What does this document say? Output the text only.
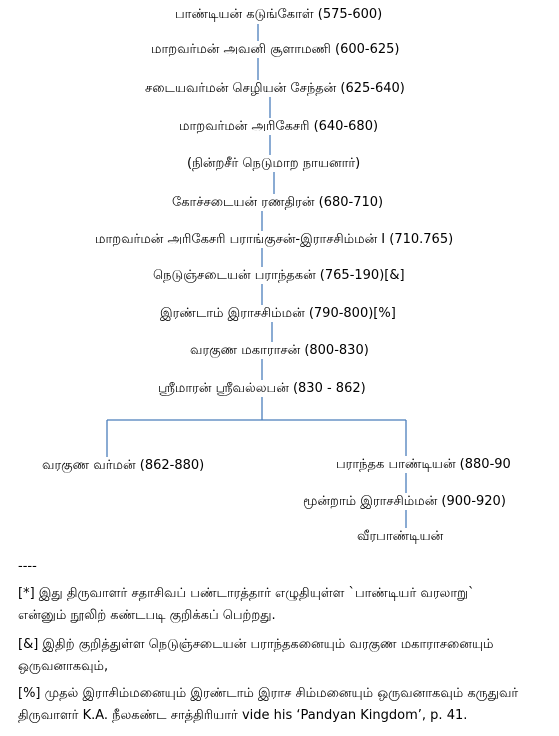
பாண்டியன் கடுங்கோள் (575-600)
மாறவர்மன் அவனி சூளாமணி (600-625)
சடையவர்மன் செழியன் சேந்தன் (625-640)
மாறவர்மன் அரிகேசரி (640-680)
(நின்றசீர் நெடுமாற நாயனார்)
கோச்சடையன் ரணதிரன் (680-710)
மாறவர்மன் அரிகேசரி பராங்குசன்-இராசசிம்மன் I (710.765)
நெடுஞ்சடையன் பராந்தகன் (765-190)[&]
இரண்டாம் இராசசிம்மன் (790-800)[%]
வரகுண மகாராசன் (800-830)
ஸ்ரீமாரன் ஸ்ரீவல்லபன் (830 - 862)
வரகுண வர்மன் (862-880)	பராந்தக பாண்டியன் (880-90
மூன்றாம் இராசசிம்மன் (900-920)
வீரபாண்டியன்

----

[*] இது திருவாளர் சதாசிவப் பண்டாரத்தார் எழுதியுள்ள `பாண்டியர் வரலாறு`

என்னும் நூலிற் கண்டபடி குறிக்கப் பெற்றது.

[&] இதிற் குறித்துள்ள நெடுஞ்சடையன் பராந்தகனையும் வரகுண மகாராசனையும்

ஒருவனாகவும்,

[%] முதல் இராசிம்மனையும் இரண்டாம் இராச சிம்மனையும் ஒருவனாகவும் கருதுவர்

திருவாளர் K.A. நீலகண்ட சாத்திரியார் vide his ‘Pandyan Kingdom’, p. 41.
